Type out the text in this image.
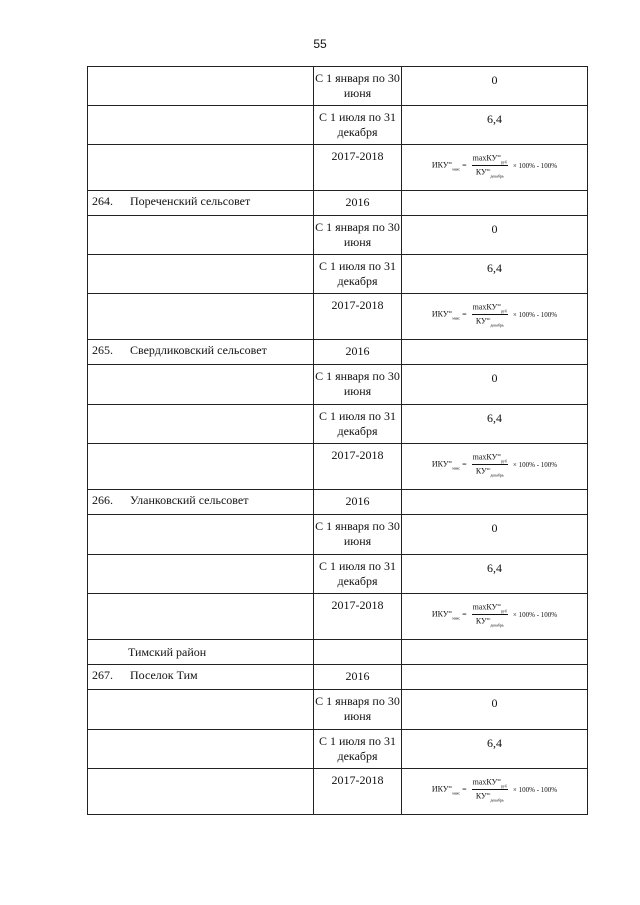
55
	С 1 января по 30 июня	0
	С 1 июля по 31 декабря	6,4
	2017-2018	$ИКУ^{эо}_{макс} = \frac{\max КУ^{эо}_{руб}}{КУ^{эо}_{декабрь}} \times 100\% - 100\%$

264. Пореченский сельсовет	2016	
	С 1 января по 30 июня	0
	С 1 июля по 31 декабря	6,4
	2017-2018	$ИКУ^{эо}_{макс} = \frac{\max КУ^{эо}_{руб}}{КУ^{эо}_{декабрь}} \times 100\% - 100\%$

265. Свердликовский сельсовет	2016	
	С 1 января по 30 июня	0
	С 1 июля по 31 декабря	6,4
	2017-2018	$ИКУ^{эо}_{макс} = \frac{\max КУ^{эо}_{руб}}{КУ^{эо}_{декабрь}} \times 100\% - 100\%$

266. Уланковский сельсовет	2016	
	С 1 января по 30 июня	0
	С 1 июля по 31 декабря	6,4
	2017-2018	$ИКУ^{эо}_{макс} = \frac{\max КУ^{эо}_{руб}}{КУ^{эо}_{декабрь}} \times 100\% - 100\%$

Тимский район		
267. Поселок Тим	2016	
	С 1 января по 30 июня	0
	С 1 июля по 31 декабря	6,4
	2017-2018	$ИКУ^{эо}_{макс} = \frac{\max КУ^{эо}_{руб}}{КУ^{эо}_{декабрь}} \times 100\% - 100\%$
